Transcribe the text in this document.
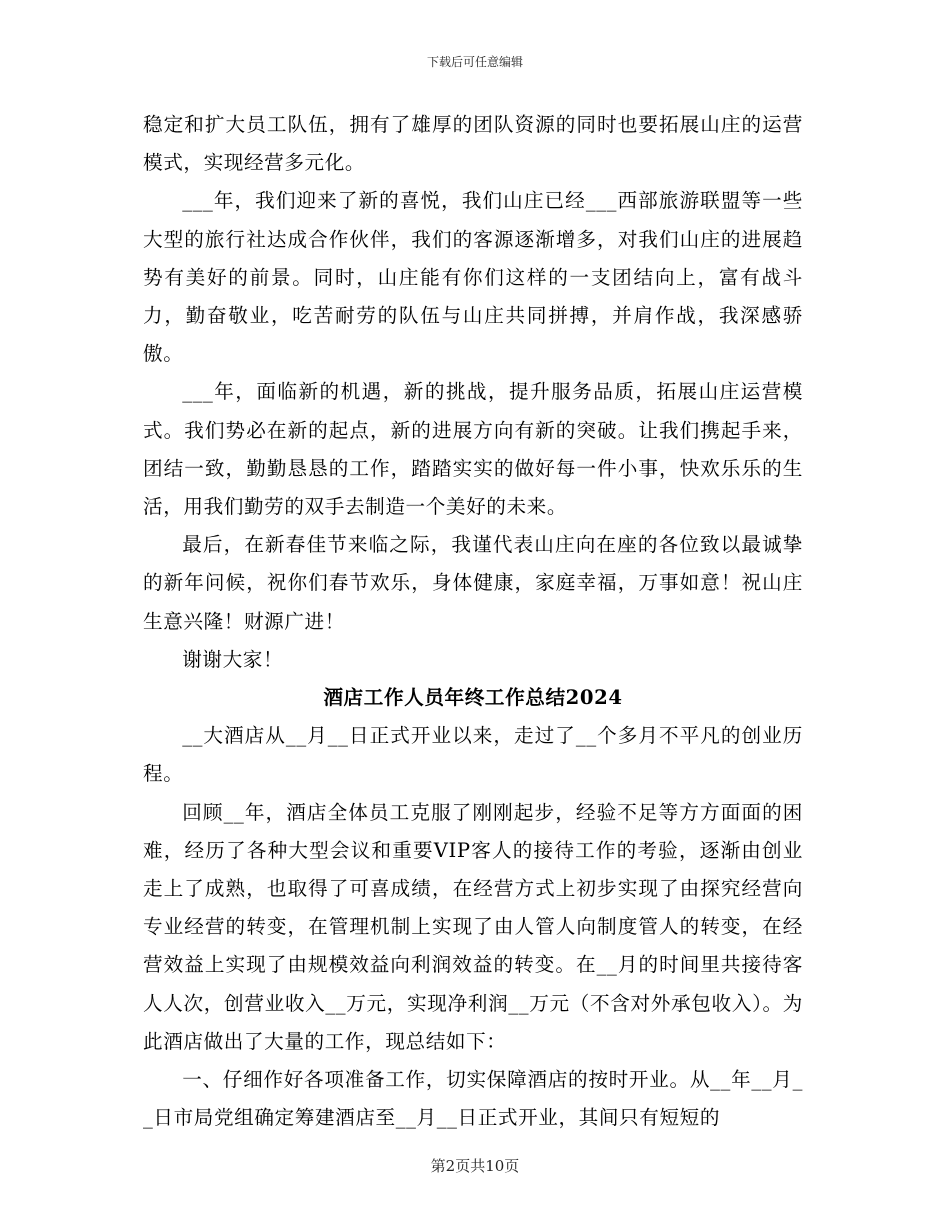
下载后可任意编辑

稳定和扩大员工队伍，拥有了雄厚的团队资源的同时也要拓展山庄的运营模式，实现经营多元化。

___年，我们迎来了新的喜悦，我们山庄已经___西部旅游联盟等一些大型的旅行社达成合作伙伴，我们的客源逐渐增多，对我们山庄的进展趋势有美好的前景。同时，山庄能有你们这样的一支团结向上，富有战斗力，勤奋敬业，吃苦耐劳的队伍与山庄共同拼搏，并肩作战，我深感骄傲。

___年，面临新的机遇，新的挑战，提升服务品质，拓展山庄运营模式。我们势必在新的起点，新的进展方向有新的突破。让我们携起手来，团结一致，勤勤恳恳的工作，踏踏实实的做好每一件小事，快欢乐乐的生活，用我们勤劳的双手去制造一个美好的未来。

最后，在新春佳节来临之际，我谨代表山庄向在座的各位致以最诚挚的新年问候，祝你们春节欢乐，身体健康，家庭幸福，万事如意！祝山庄生意兴隆！财源广进！

谢谢大家！

酒店工作人员年终工作总结2024

__大酒店从__月__日正式开业以来，走过了__个多月不平凡的创业历程。

回顾__年，酒店全体员工克服了刚刚起步，经验不足等方方面面的困难，经历了各种大型会议和重要VIP客人的接待工作的考验，逐渐由创业走上了成熟，也取得了可喜成绩，在经营方式上初步实现了由探究经营向专业经营的转变，在管理机制上实现了由人管人向制度管人的转变，在经营效益上实现了由规模效益向利润效益的转变。在__月的时间里共接待客人人次，创营业收入__万元，实现净利润__万元（不含对外承包收入）。为此酒店做出了大量的工作，现总结如下：

一、仔细作好各项准备工作，切实保障酒店的按时开业。从__年__月__日市局党组确定筹建酒店至__月__日正式开业，其间只有短短的

第2页共10页
